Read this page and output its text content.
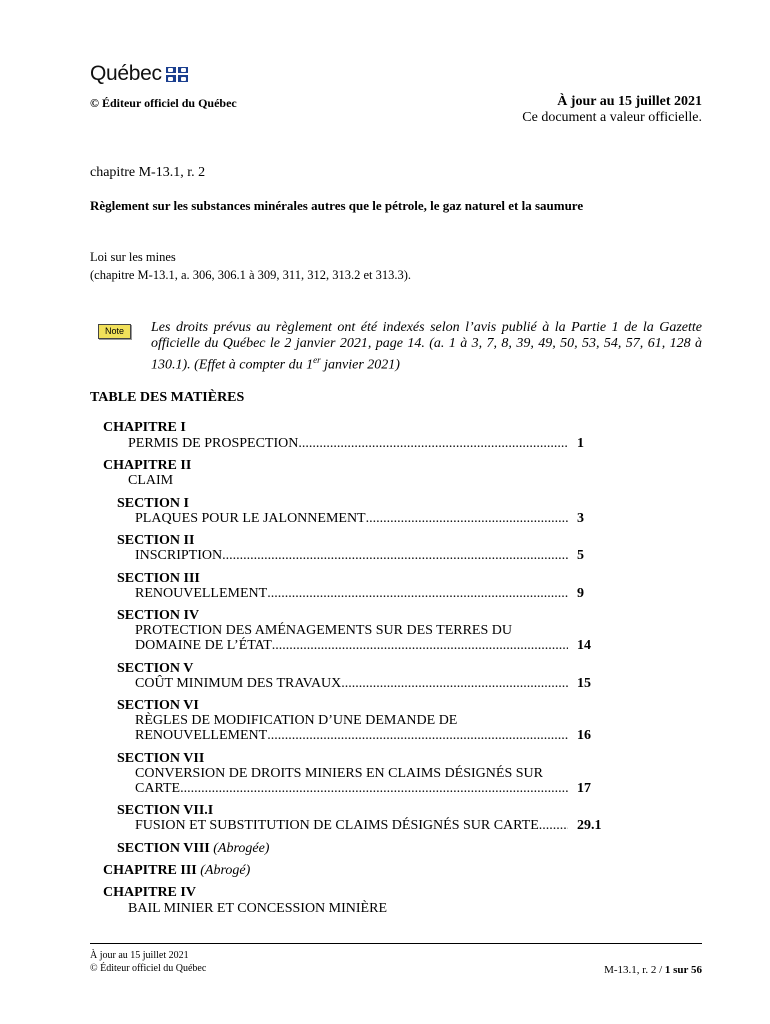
Québec
© Éditeur officiel du Québec	À jour au 15 juillet 2021
Ce document a valeur officielle.
chapitre M-13.1, r. 2
Règlement sur les substances minérales autres que le pétrole, le gaz naturel et la saumure
Loi sur les mines
(chapitre M-13.1, a. 306, 306.1 à 309, 311, 312, 313.2 et 313.3).
Note	Les droits prévus au règlement ont été indexés selon l’avis publié à la Partie 1 de la Gazette officielle du Québec le 2 janvier 2021, page 14. (a. 1 à 3, 7, 8, 39, 49, 50, 53, 54, 57, 61, 128 à 130.1). (Effet à compter du 1er janvier 2021)
TABLE DES MATIÈRES
CHAPITRE I
PERMIS DE PROSPECTION .....	1
CHAPITRE II
CLAIM
SECTION I
PLAQUES POUR LE JALONNEMENT .....	3
SECTION II
INSCRIPTION .....	5
SECTION III
RENOUVELLEMENT .....	9
SECTION IV
PROTECTION DES AMÉNAGEMENTS SUR DES TERRES DU
DOMAINE DE L’ÉTAT .....	14
SECTION V
COÛT MINIMUM DES TRAVAUX .....	15
SECTION VI
RÈGLES DE MODIFICATION D’UNE DEMANDE DE
RENOUVELLEMENT .....	16
SECTION VII
CONVERSION DE DROITS MINIERS EN CLAIMS DÉSIGNÉS SUR
CARTE .....	17
SECTION VII.I
FUSION ET SUBSTITUTION DE CLAIMS DÉSIGNÉS SUR CARTE .....	29.1
SECTION VIII (Abrogée)
CHAPITRE III (Abrogé)
CHAPITRE IV
BAIL MINIER ET CONCESSION MINIÈRE
À jour au 15 juillet 2021
© Éditeur officiel du Québec	M-13.1, r. 2 / 1 sur 56
